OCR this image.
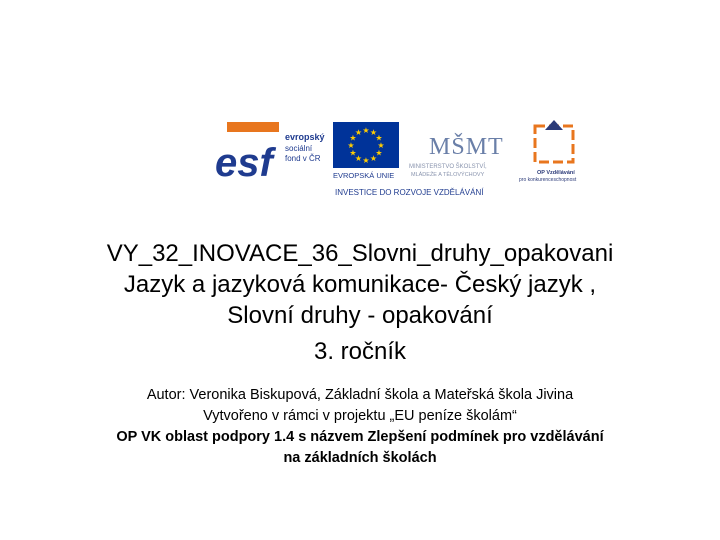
esf
evropský
sociální
fond v ČR
★ ★
★
★
★
★
★
★
★
★
★
★
EVROPSKÁ UNIE
MŠMT
MINISTERSTVO ŠKOLSTVÍ,
MLÁDEŽE A TĚLOVÝCHOVY	OP Vzdělávání
pro konkurenceschopnost
INVESTICE DO ROZVOJE VZDĚLÁVÁNÍ
VY_32_INOVACE_36_Slovni_druhy_opakovani
Jazyk a jazyková komunikace- Český jazyk ,
Slovní druhy - opakování
3. ročník
Autor: Veronika Biskupová, Základní škola a Mateřská škola Jivina
Vytvořeno v rámci v projektu „EU peníze školám“
OP VK oblast podpory 1.4 s názvem Zlepšení podmínek pro vzdělávání
na základních školách
